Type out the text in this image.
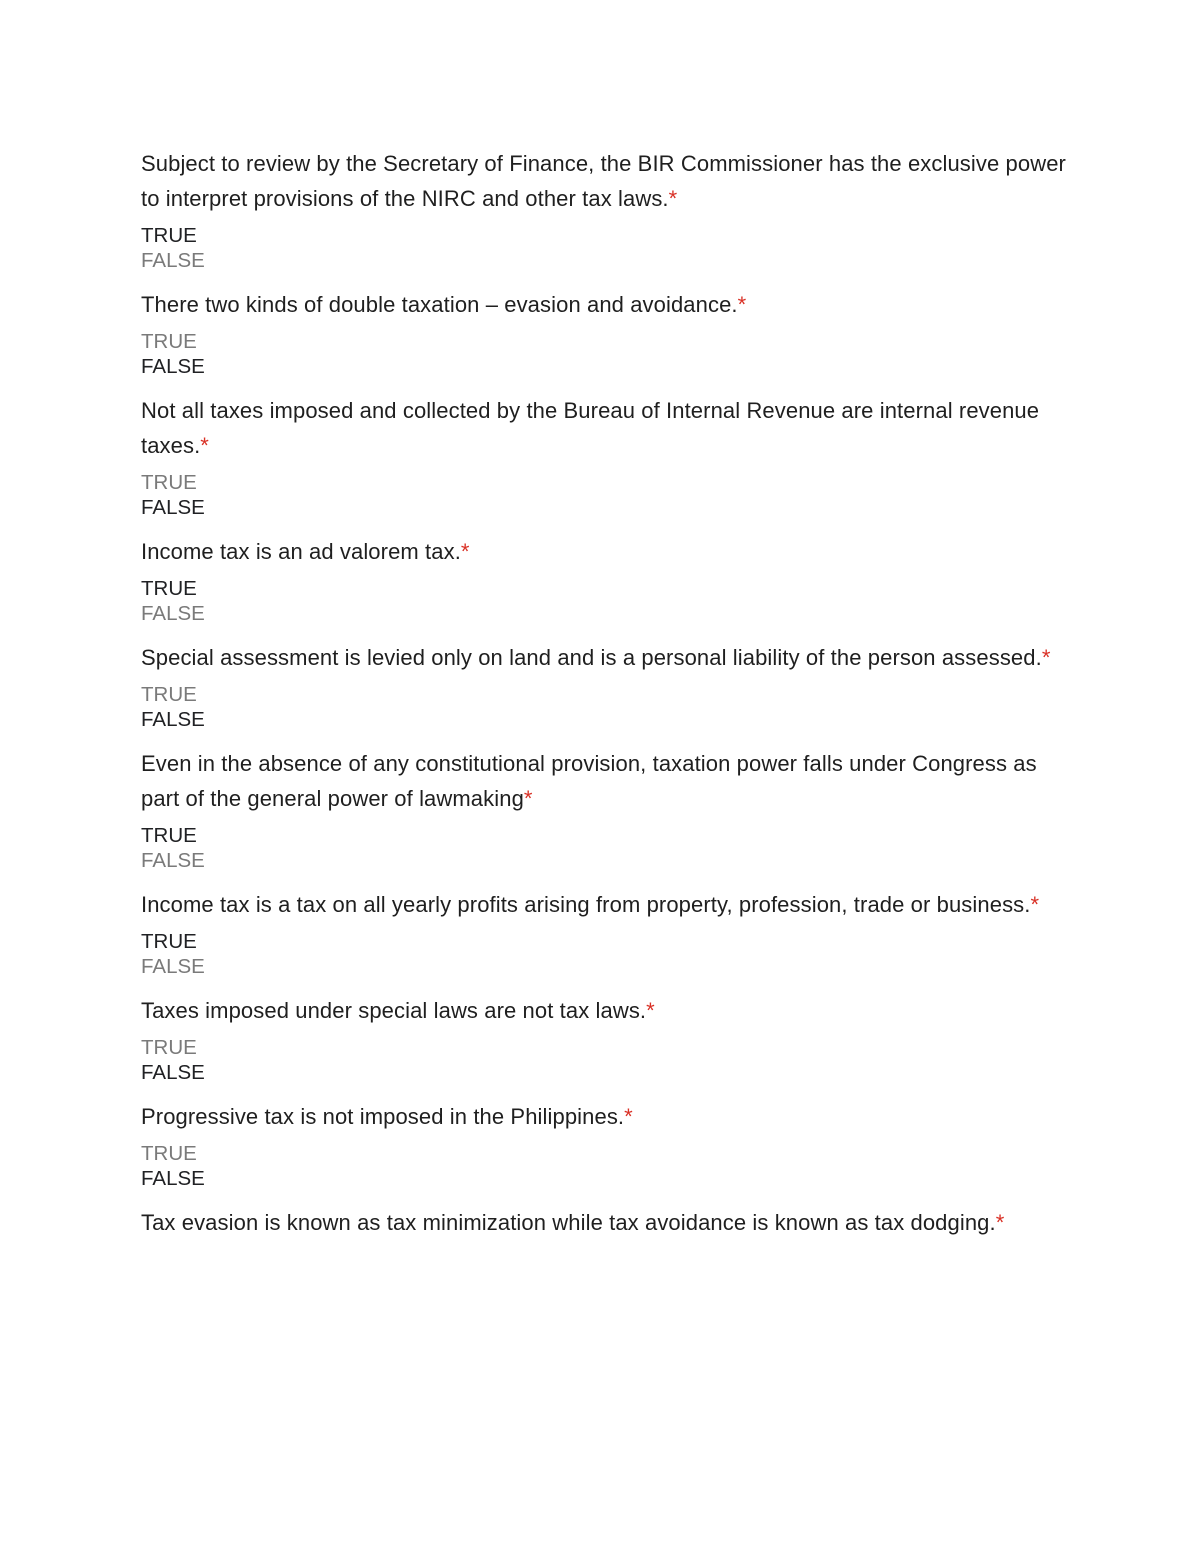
Subject to review by the Secretary of Finance, the BIR Commissioner has the exclusive power to interpret provisions of the NIRC and other tax laws.*

TRUE
FALSE

There two kinds of double taxation – evasion and avoidance.*

TRUE
FALSE

Not all taxes imposed and collected by the Bureau of Internal Revenue are internal revenue taxes.*

TRUE
FALSE

Income tax is an ad valorem tax.*

TRUE
FALSE

Special assessment is levied only on land and is a personal liability of the person assessed.*

TRUE
FALSE

Even in the absence of any constitutional provision, taxation power falls under Congress as part of the general power of lawmaking*

TRUE
FALSE

Income tax is a tax on all yearly profits arising from property, profession, trade or business.*

TRUE
FALSE

Taxes imposed under special laws are not tax laws.*

TRUE
FALSE

Progressive tax is not imposed in the Philippines.*

TRUE
FALSE

Tax evasion is known as tax minimization while tax avoidance is known as tax dodging.*
